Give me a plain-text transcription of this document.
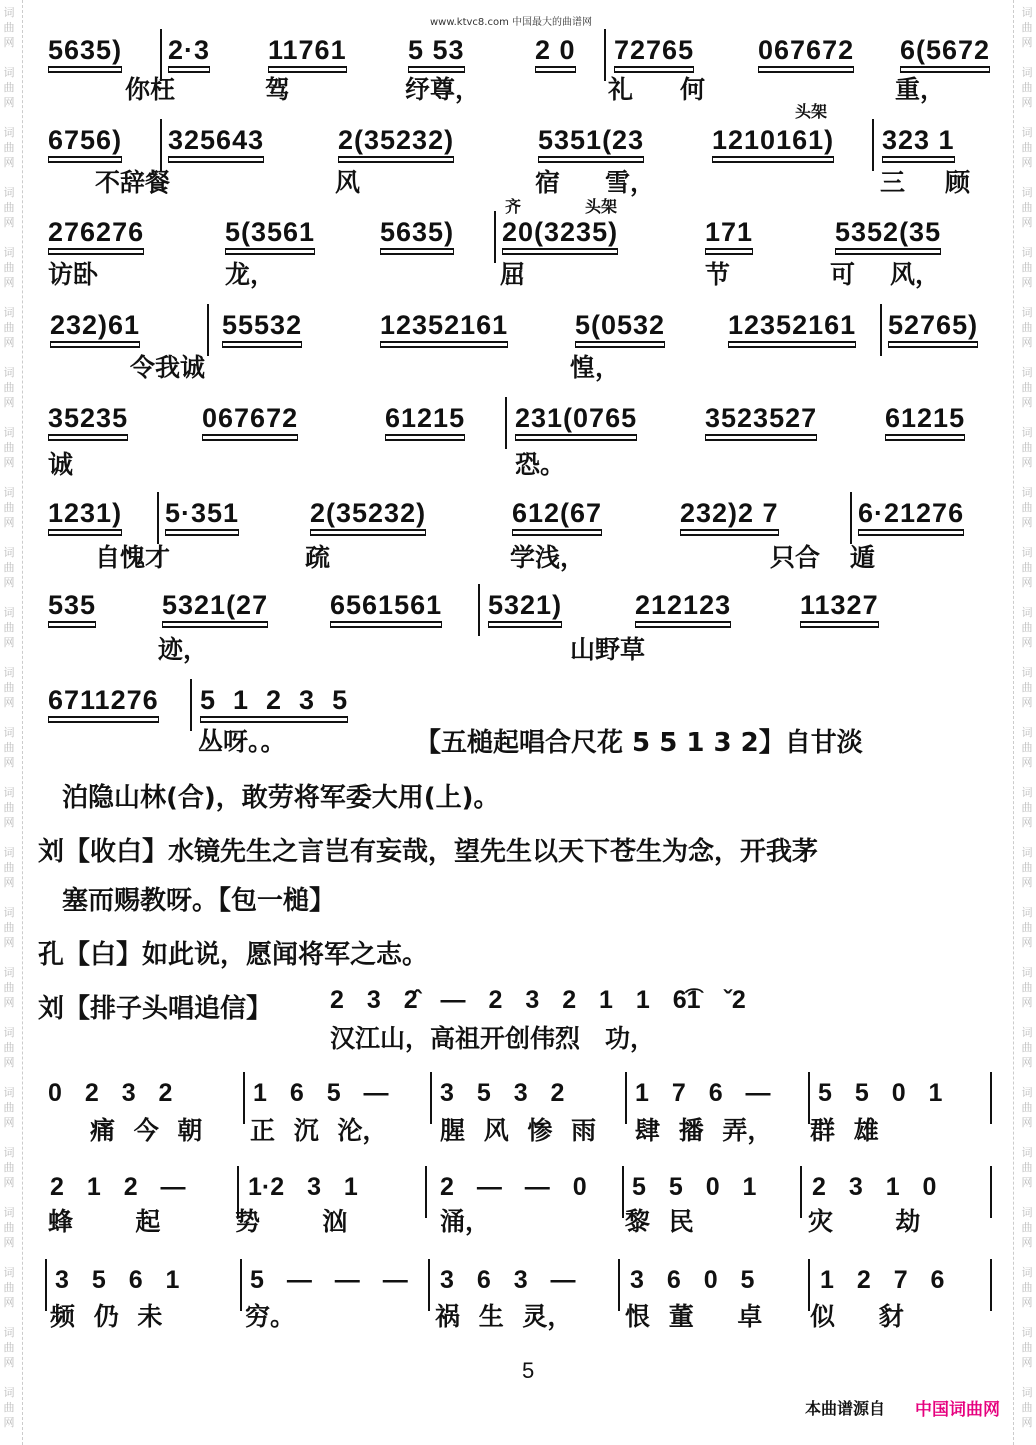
www.ktvc8.com 中国最大的曲谱网
词曲网
词曲网
词曲网
词曲网
词曲网
词曲网
词曲网
词曲网
词曲网
词曲网
词曲网
词曲网
词曲网
词曲网
词曲网
词曲网
词曲网
词曲网
词曲网
词曲网
词曲网
词曲网
词曲网
词曲网
词曲网
词曲网
词曲网
词曲网
词曲网
词曲网
词曲网
词曲网
词曲网
词曲网
词曲网
词曲网
词曲网
词曲网
词曲网
词曲网
词曲网
词曲网
词曲网
词曲网
词曲网
词曲网
词曲网
词曲网
5635) 2·3 11761 5 53	2 0 72765 067672 6(5672
你枉	驾	纾尊，	礼 何	重，
6756) 325643	2(35232)	5351(23	1210161) 323 1
不辞餐	风	宿 雪，	三 顾
头架
276276	5(3561 5635) 20(3235)	171	5352(35
访卧	龙，	屈	节	可 风，
齐	头架
232)61	55532	12352161 5(0532 12352161 52765)
令我诚	惶，
35235	067672	61215 231(0765	3523527	61215
诚	恐。
1231) 5·351	2(35232)	612(67	232)2 7	6·21276
自愧才	疏	学浅，	只合 遁
535 5321(27 6561561 5321)	212123	11327
迹，	山野草
6711276 5  1  2  3  5
丛呀。。	【五槌起唱合尺花 5 5 1 3 2】自甘淡
泊隐山林(合)，敢劳将军委大用(上)。
刘【收白】水镜先生之言岂有妄哉，望先生以天下苍生为念，开我茅
塞而赐教呀。【包一槌】
孔【白】如此说，愿闻将军之志。
刘【排子头唱追信】 2 3 2̂ — 2 3 2 1 1 6͡1 ˇ2
汉江山，高祖开创伟烈　功，
0 2 3 2	1 6 5 — 3 5 3 2	1 7 6 — 5 5 0 1
痛 今 朝 正 沉 沦， 腥 风 惨 雨 肆 播 弄， 群 雄
2 1 2 — 1·2 3 1	2 — — 0 5 5 0 1 2 3 1 0
蜂 　 起	势 　 汹	涌，	黎 民	灾 　 劫
3 5 6 1	5 — — — 3 6 3 — 3 6 0 5	1 2 7 6
频 仍 未	穷。	祸 生 灵， 恨 董 　卓 似 　豺
5
本曲谱源自 中国词曲网
